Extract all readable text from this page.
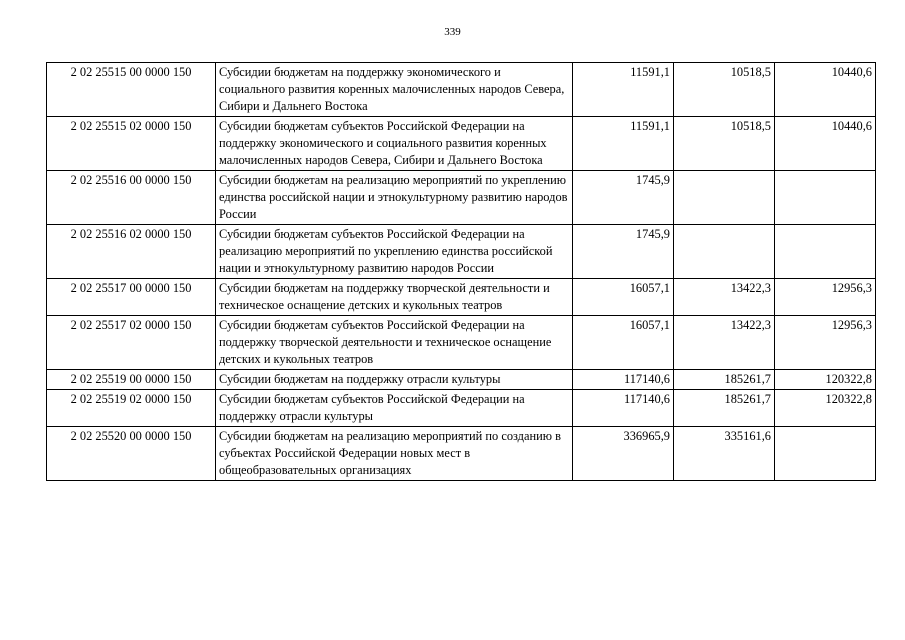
339
2 02 25515 00 0000 150	Субсидии бюджетам на поддержку экономического и социального развития коренных малочисленных народов Севера, Сибири и Дальнего Востока	11591,1	10518,5	10440,6
2 02 25515 02 0000 150	Субсидии бюджетам субъектов Российской Федерации на поддержку экономического и социального развития коренных малочисленных народов Севера, Сибири и Дальнего Востока	11591,1	10518,5	10440,6
2 02 25516 00 0000 150	Субсидии бюджетам на реализацию мероприятий по укреплению единства российской нации и этнокультурному развитию народов России	1745,9		
2 02 25516 02 0000 150	Субсидии бюджетам субъектов Российской Федерации на реализацию мероприятий по укреплению единства российской нации и этнокультурному развитию народов России	1745,9		
2 02 25517 00 0000 150	Субсидии бюджетам на поддержку творческой деятельности и техническое оснащение детских и кукольных театров	16057,1	13422,3	12956,3
2 02 25517 02 0000 150	Субсидии бюджетам субъектов Российской Федерации на поддержку творческой деятельности и техническое оснащение детских и кукольных театров	16057,1	13422,3	12956,3
2 02 25519 00 0000 150	Субсидии бюджетам на поддержку отрасли культуры	117140,6	185261,7	120322,8
2 02 25519 02 0000 150	Субсидии бюджетам субъектов Российской Федерации на поддержку отрасли культуры	117140,6	185261,7	120322,8
2 02 25520 00 0000 150	Субсидии бюджетам на реализацию мероприятий по созданию в субъектах Российской Федерации новых мест в общеобразовательных организациях	336965,9	335161,6	
